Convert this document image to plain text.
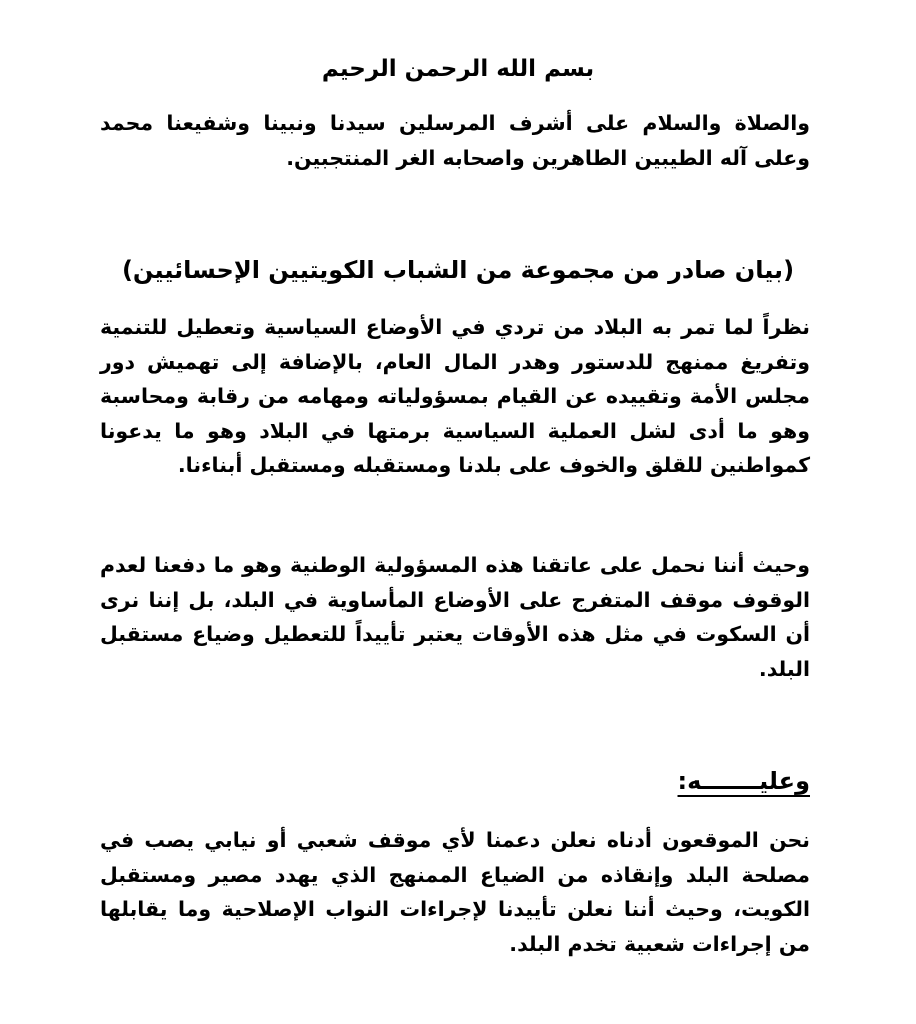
بسم الله الرحمن الرحيم

والصلاة والسلام على أشرف المرسلين سيدنا ونبينا وشفيعنا محمد وعلى آله الطيبين الطاهرين واصحابه الغر المنتجبين.

(بيان صادر من مجموعة من الشباب الكويتيين الإحسائيين)

نظراً لما تمر به البلاد من تردي في الأوضاع السياسية وتعطيل للتنمية وتفريغ ممنهج للدستور وهدر المال العام، بالإضافة إلى تهميش دور مجلس الأمة وتقييده عن القيام بمسؤولياته ومهامه من رقابة ومحاسبة وهو ما أدى لشل العملية السياسية برمتها في البلاد وهو ما يدعونا كمواطنين للقلق والخوف على بلدنا ومستقبله ومستقبل أبناءنا.

وحيث أننا نحمل على عاتقنا هذه المسؤولية الوطنية وهو ما دفعنا لعدم الوقوف موقف المتفرج على الأوضاع المأساوية في البلد، بل إننا نرى أن السكوت في مثل هذه الأوقات يعتبر تأييداً للتعطيل وضياع مستقبل البلد.

وعليـــــــه:

نحن الموقعون أدناه نعلن دعمنا لأي موقف شعبي أو نيابي يصب في مصلحة البلد وإنقاذه من الضياع الممنهج الذي يهدد مصير ومستقبل الكويت، وحيث أننا نعلن تأييدنا لإجراءات النواب الإصلاحية وما يقابلها من إجراءات شعبية تخدم البلد.
